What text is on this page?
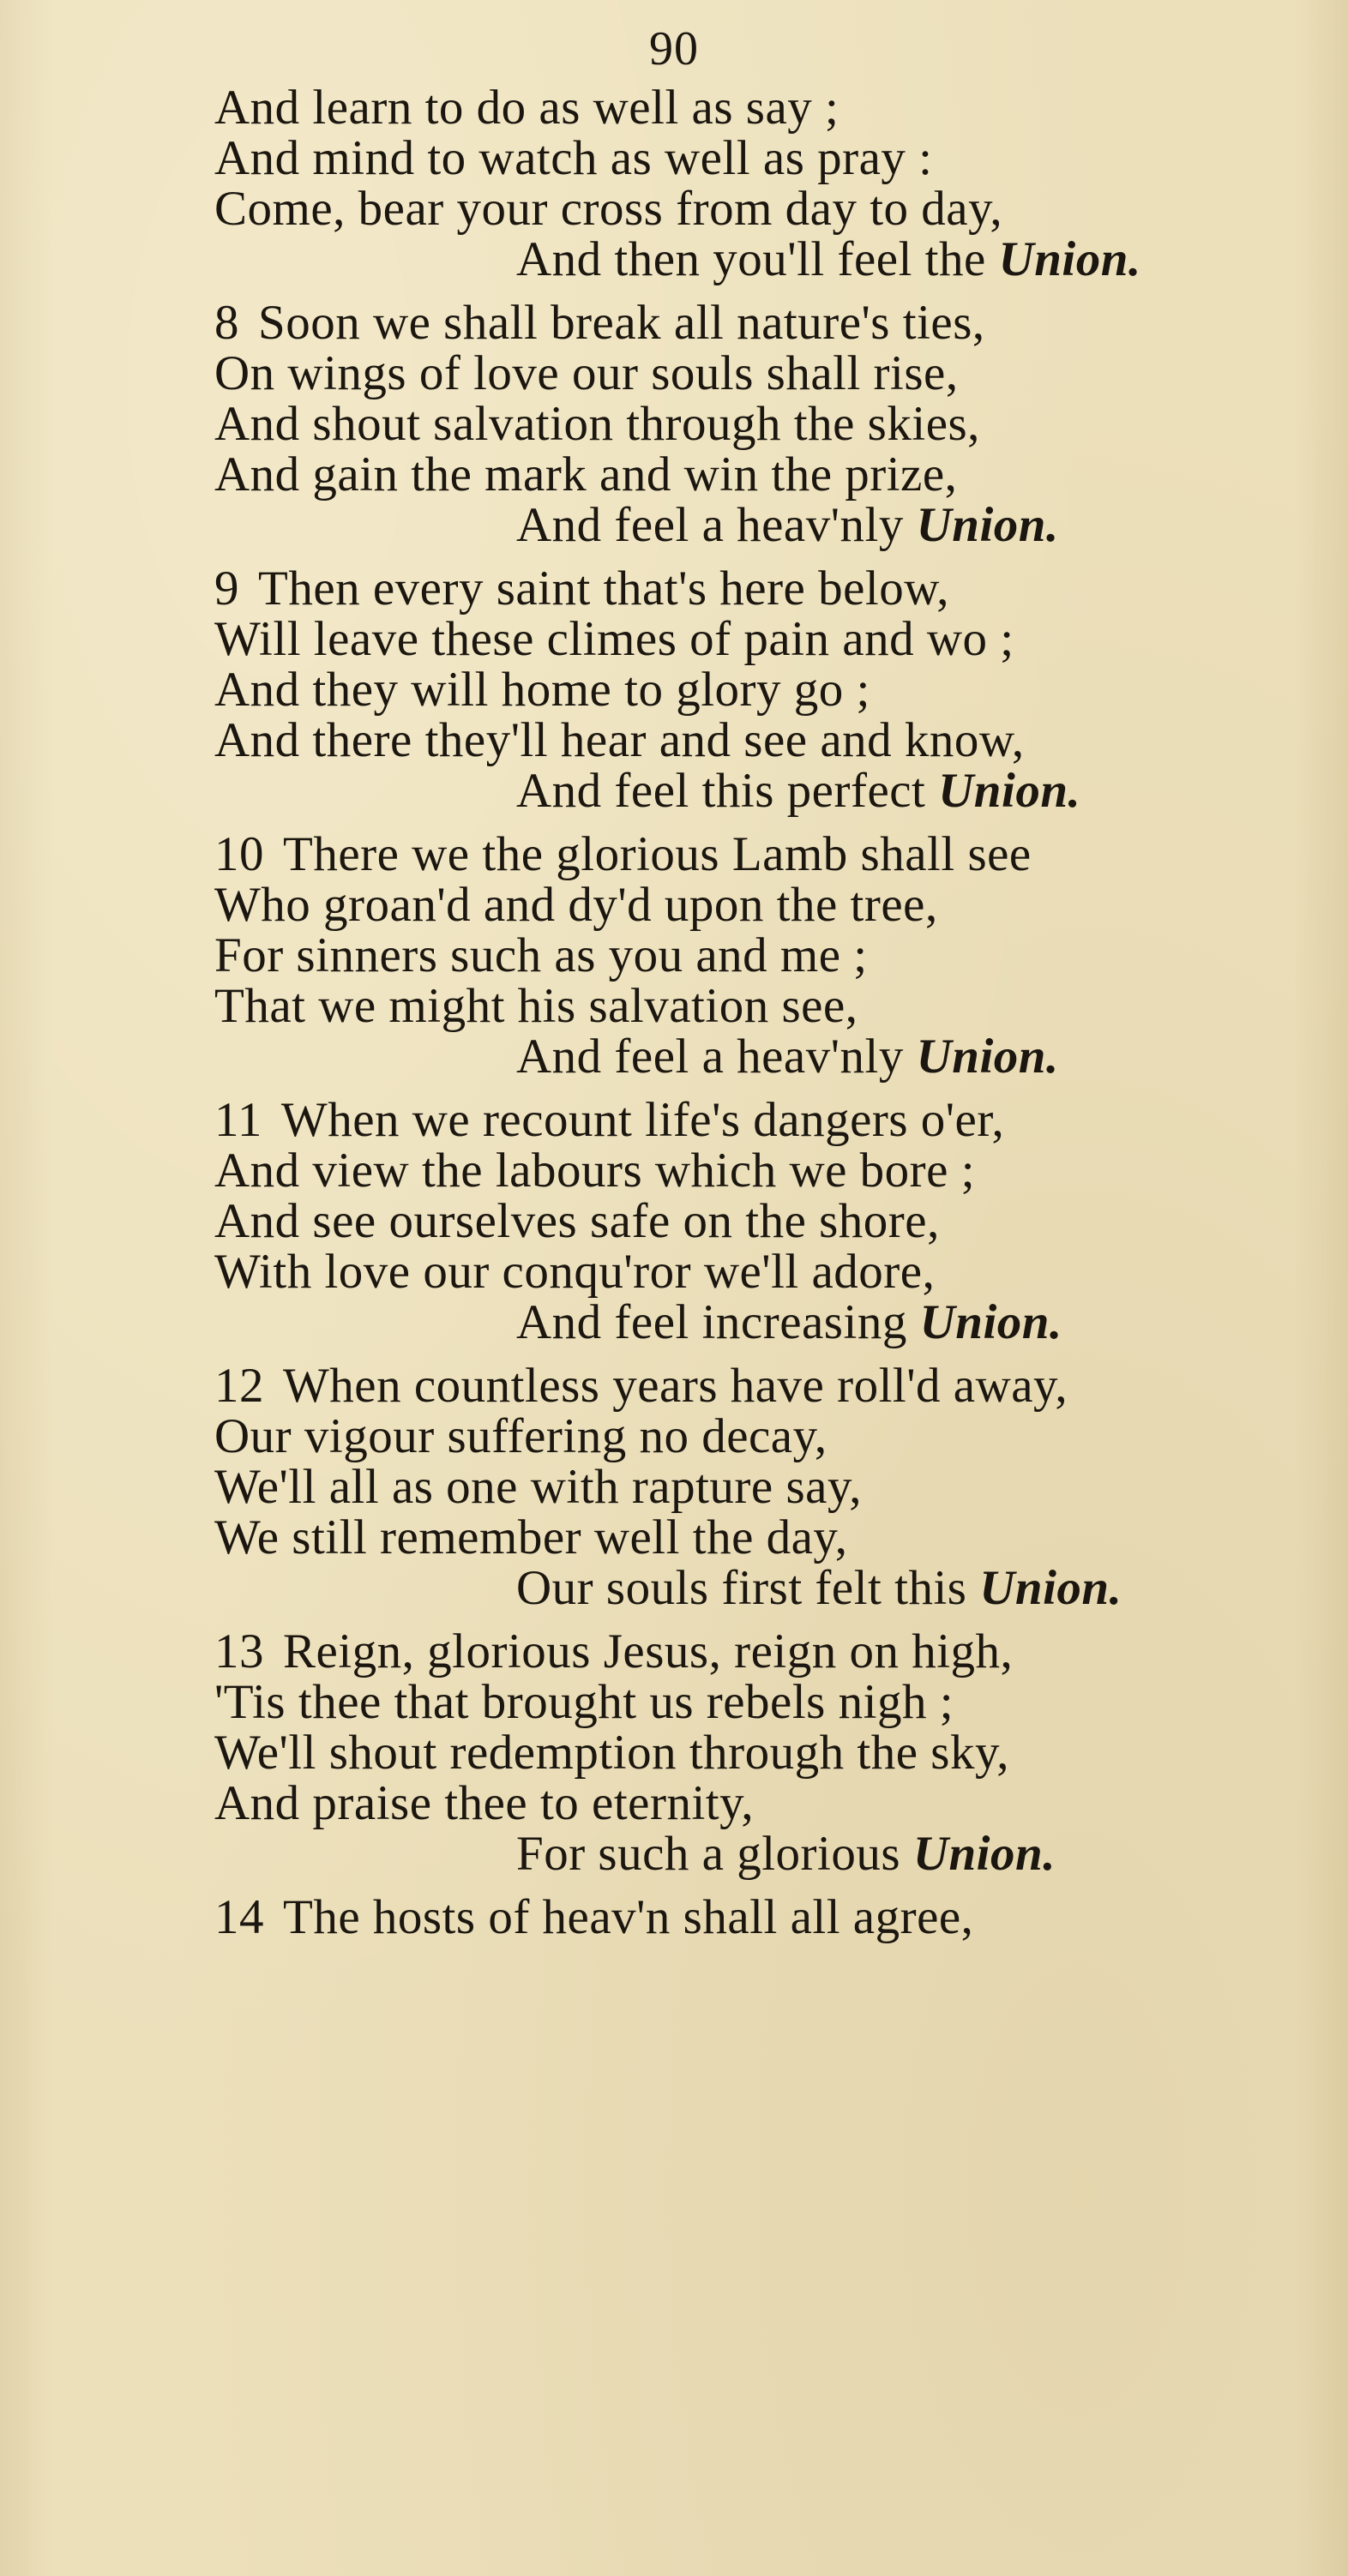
90
And learn to do as well as say ;
And mind to watch as well as pray :
Come, bear your cross from day to day,
And then you'll feel the Union.
8 Soon we shall break all nature's ties,
On wings of love our souls shall rise,
And shout salvation through the skies,
And gain the mark and win the prize,
And feel a heav'nly Union.
9 Then every saint that's here below,
Will leave these climes of pain and wo ;
And they will home to glory go ;
And there they'll hear and see and know,
And feel this perfect Union.
10 There we the glorious Lamb shall see
Who groan'd and dy'd upon the tree,
For sinners such as you and me ;
That we might his salvation see,
And feel a heav'nly Union.
11 When we recount life's dangers o'er,
And view the labours which we bore ;
And see ourselves safe on the shore,
With love our conqu'ror we'll adore,
And feel increasing Union.
12 When countless years have roll'd away,
Our vigour suffering no decay,
We'll all as one with rapture say,
We still remember well the day,
Our souls first felt this Union.
13 Reign, glorious Jesus, reign on high,
'Tis thee that brought us rebels nigh ;
We'll shout redemption through the sky,
And praise thee to eternity,
For such a glorious Union.
14 The hosts of heav'n shall all agree,
